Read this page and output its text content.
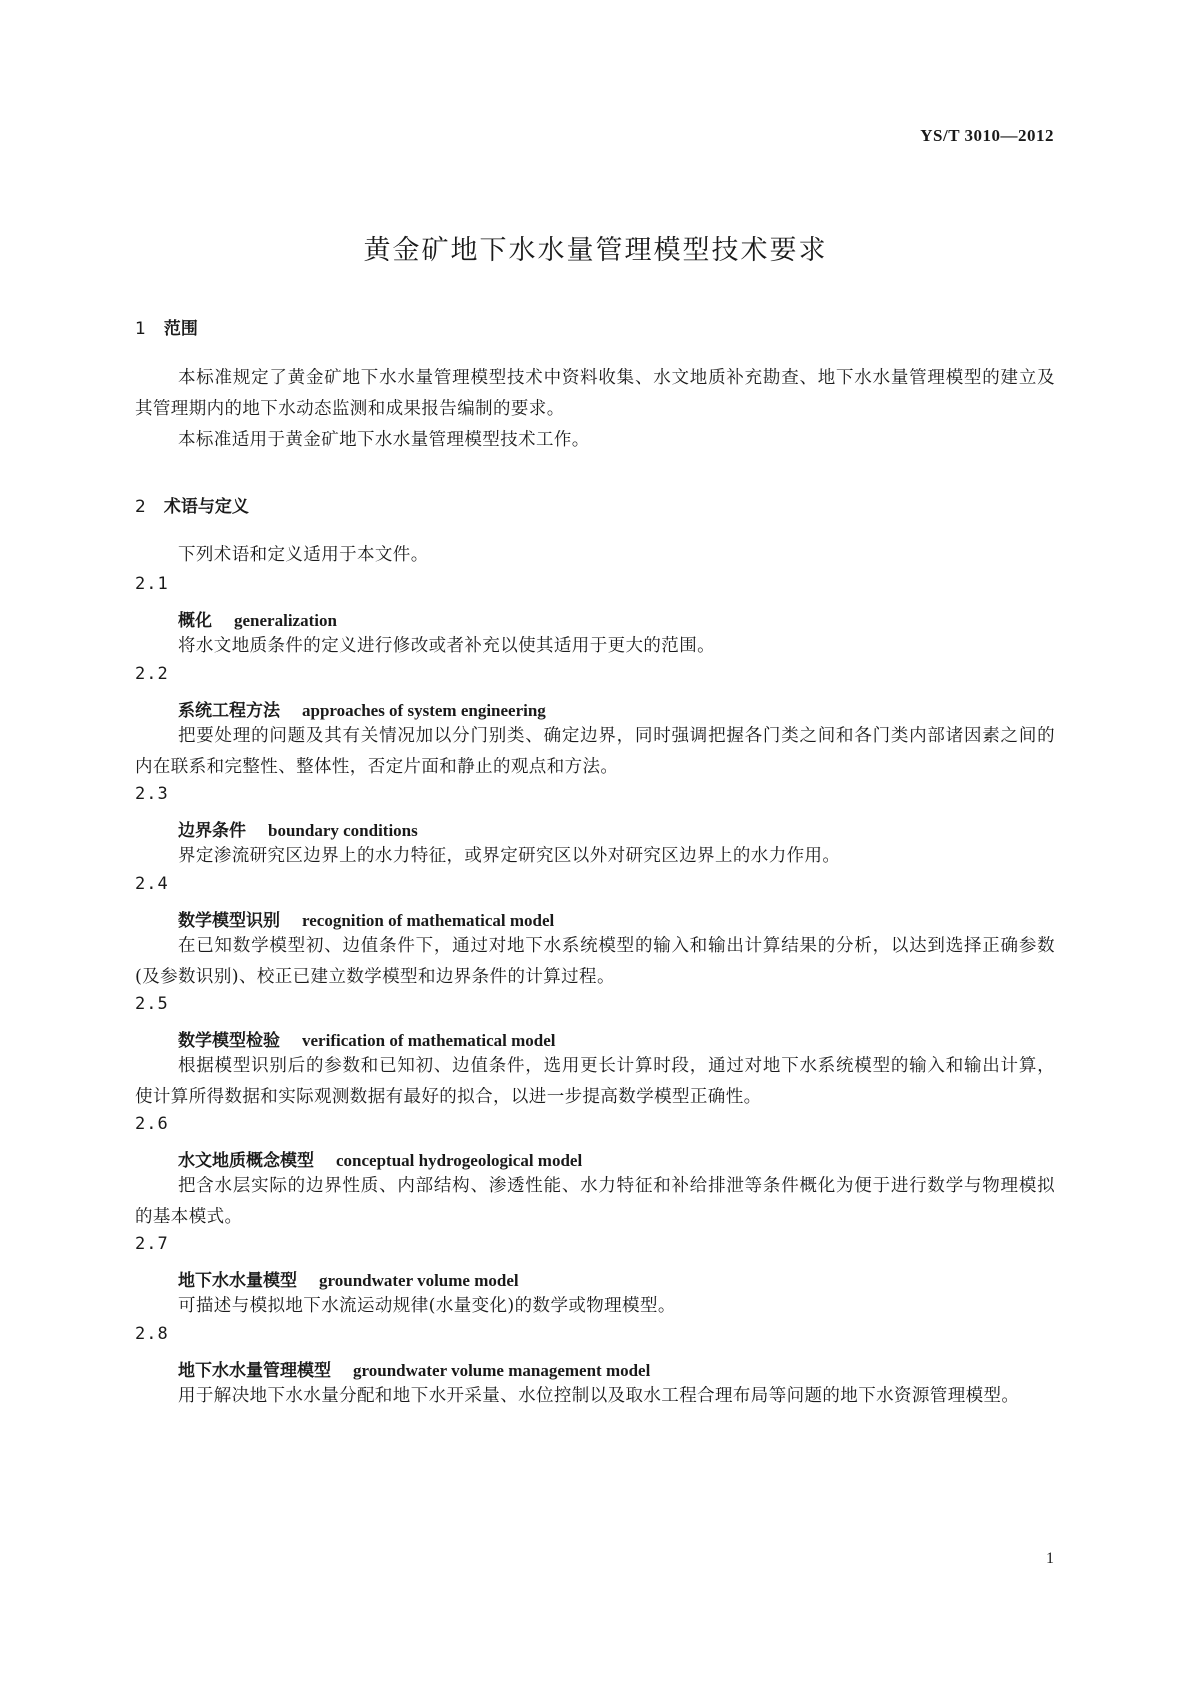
YS/T 3010—2012
黄金矿地下水水量管理模型技术要求
1 范围

本标准规定了黄金矿地下水水量管理模型技术中资料收集、水文地质补充勘查、地下水水量管理模型的建立及其管理期内的地下水动态监测和成果报告编制的要求。

本标准适用于黄金矿地下水水量管理模型技术工作。

2 术语与定义

下列术语和定义适用于本文件。

2.1
概化 generalization

将水文地质条件的定义进行修改或者补充以使其适用于更大的范围。

2.2
系统工程方法 approaches of system engineering

把要处理的问题及其有关情况加以分门别类、确定边界，同时强调把握各门类之间和各门类内部诸因素之间的内在联系和完整性、整体性，否定片面和静止的观点和方法。

2.3
边界条件 boundary conditions

界定渗流研究区边界上的水力特征，或界定研究区以外对研究区边界上的水力作用。

2.4
数学模型识别 recognition of mathematical model

在已知数学模型初、边值条件下，通过对地下水系统模型的输入和输出计算结果的分析，以达到选择正确参数(及参数识别)、校正已建立数学模型和边界条件的计算过程。

2.5
数学模型检验 verification of mathematical model

根据模型识别后的参数和已知初、边值条件，选用更长计算时段，通过对地下水系统模型的输入和输出计算，使计算所得数据和实际观测数据有最好的拟合，以进一步提高数学模型正确性。

2.6
水文地质概念模型 conceptual hydrogeological model

把含水层实际的边界性质、内部结构、渗透性能、水力特征和补给排泄等条件概化为便于进行数学与物理模拟的基本模式。

2.7
地下水水量模型 groundwater volume model

可描述与模拟地下水流运动规律(水量变化)的数学或物理模型。

2.8
地下水水量管理模型 groundwater volume management model

用于解决地下水水量分配和地下水开采量、水位控制以及取水工程合理布局等问题的地下水资源管理模型。

1
